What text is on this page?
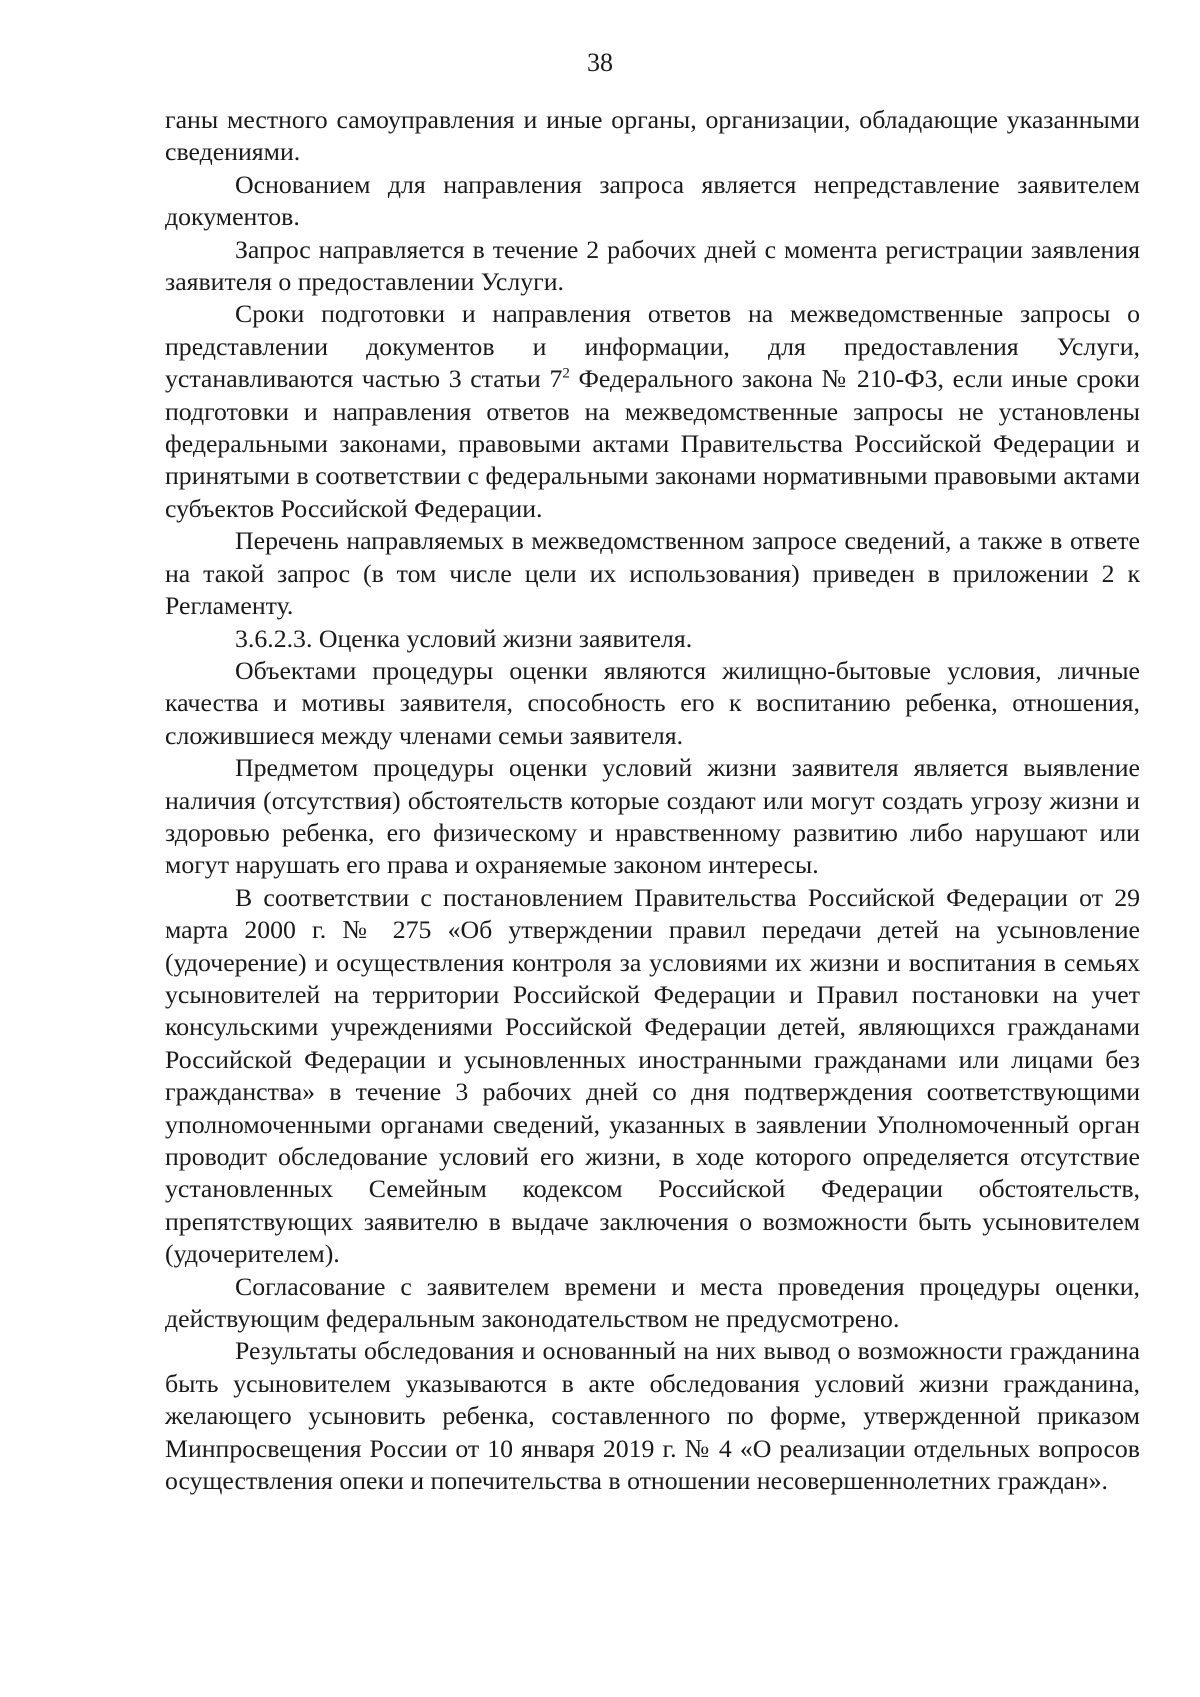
38

ганы местного самоуправления и иные органы, организации, обладающие указанными сведениями.

Основанием для направления запроса является непредставление заявителем документов.

Запрос направляется в течение 2 рабочих дней с момента регистрации заявления заявителя о предоставлении Услуги.

Сроки подготовки и направления ответов на межведомственные запросы о представлении документов и информации, для предоставления Услуги, устанавливаются частью 3 статьи $7^2$ Федерального закона № 210-ФЗ, если иные сроки подготовки и направления ответов на межведомственные запросы не установлены федеральными законами, правовыми актами Правительства Российской Федерации и принятыми в соответствии с федеральными законами нормативными правовыми актами субъектов Российской Федерации.

Перечень направляемых в межведомственном запросе сведений, а также в ответе на такой запрос (в том числе цели их использования) приведен в приложении 2 к Регламенту.

3.6.2.3. Оценка условий жизни заявителя.

Объектами процедуры оценки являются жилищно-бытовые условия, личные качества и мотивы заявителя, способность его к воспитанию ребенка, отношения, сложившиеся между членами семьи заявителя.

Предметом процедуры оценки условий жизни заявителя является выявление наличия (отсутствия) обстоятельств которые создают или могут создать угрозу жизни и здоровью ребенка, его физическому и нравственному развитию либо нарушают или могут нарушать его права и охраняемые законом интересы.

В соответствии с постановлением Правительства Российской Федерации от 29 марта 2000 г. № 275 «Об утверждении правил передачи детей на усыновление (удочерение) и осуществления контроля за условиями их жизни и воспитания в семьях усыновителей на территории Российской Федерации и Правил постановки на учет консульскими учреждениями Российской Федерации детей, являющихся гражданами Российской Федерации и усыновленных иностранными гражданами или лицами без гражданства» в течение 3 рабочих дней со дня подтверждения соответствующими уполномоченными органами сведений, указанных в заявлении Уполномоченный орган проводит обследование условий его жизни, в ходе которого определяется отсутствие установленных Семейным кодексом Российской Федерации обстоятельств, препятствующих заявителю в выдаче заключения о возможности быть усыновителем (удочерителем).

Согласование с заявителем времени и места проведения процедуры оценки, действующим федеральным законодательством не предусмотрено.

Результаты обследования и основанный на них вывод о возможности гражданина быть усыновителем указываются в акте обследования условий жизни гражданина, желающего усыновить ребенка, составленного по форме, утвержденной приказом Минпросвещения России от 10 января 2019 г. № 4 «О реализации отдельных вопросов осуществления опеки и попечительства в отношении несовершеннолетних граждан».
